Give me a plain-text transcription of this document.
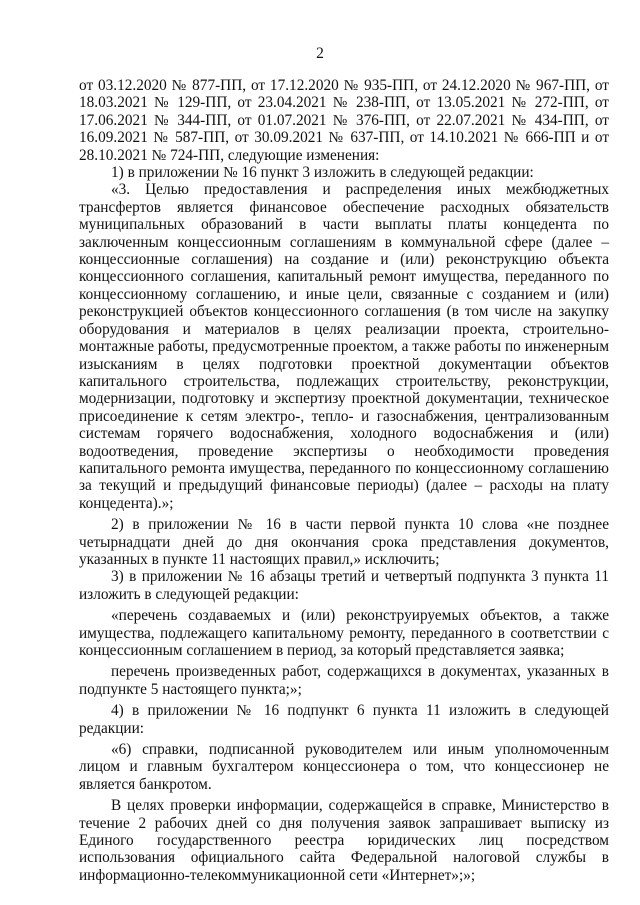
2

от 03.12.2020 № 877-ПП, от 17.12.2020 № 935-ПП, от 24.12.2020 № 967-ПП, от 18.03.2021 № 129-ПП, от 23.04.2021 № 238-ПП, от 13.05.2021 № 272-ПП, от 17.06.2021 № 344-ПП, от 01.07.2021 № 376-ПП, от 22.07.2021 № 434-ПП, от 16.09.2021 № 587-ПП, от 30.09.2021 № 637-ПП, от 14.10.2021 № 666-ПП и от 28.10.2021 № 724-ПП, следующие изменения:

1) в приложении № 16 пункт 3 изложить в следующей редакции:

«3. Целью предоставления и распределения иных межбюджетных трансфертов является финансовое обеспечение расходных обязательств муниципальных образований в части выплаты платы концедента по заключенным концессионным соглашениям в коммунальной сфере (далее – концессионные соглашения) на создание и (или) реконструкцию объекта концессионного соглашения, капитальный ремонт имущества, переданного по концессионному соглашению, и иные цели, связанные с созданием и (или) реконструкцией объектов концессионного соглашения (в том числе на закупку оборудования и материалов в целях реализации проекта, строительно-монтажные работы, предусмотренные проектом, а также работы по инженерным изысканиям в целях подготовки проектной документации объектов капитального строительства, подлежащих строительству, реконструкции, модернизации, подготовку и экспертизу проектной документации, техническое присоединение к сетям электро-, тепло- и газоснабжения, централизованным системам горячего водоснабжения, холодного водоснабжения и (или) водоотведения, проведение экспертизы о необходимости проведения капитального ремонта имущества, переданного по концессионному соглашению за текущий и предыдущий финансовые периоды) (далее – расходы на плату концедента).»;

2) в приложении № 16 в части первой пункта 10 слова «не позднее четырнадцати дней до дня окончания срока представления документов, указанных в пункте 11 настоящих правил,» исключить;

3) в приложении № 16 абзацы третий и четвертый подпункта 3 пункта 11 изложить в следующей редакции:

«перечень создаваемых и (или) реконструируемых объектов, а также имущества, подлежащего капитальному ремонту, переданного в соответствии с концессионным соглашением в период, за который представляется заявка;

перечень произведенных работ, содержащихся в документах, указанных в подпункте 5 настоящего пункта;»;

4) в приложении № 16 подпункт 6 пункта 11 изложить в следующей редакции:

«6) справки, подписанной руководителем или иным уполномоченным лицом и главным бухгалтером концессионера о том, что концессионер не является банкротом.

В целях проверки информации, содержащейся в справке, Министерство в течение 2 рабочих дней со дня получения заявок запрашивает выписку из Единого государственного реестра юридических лиц посредством использования официального сайта Федеральной налоговой службы в информационно-телекоммуникационной сети «Интернет»;»;
